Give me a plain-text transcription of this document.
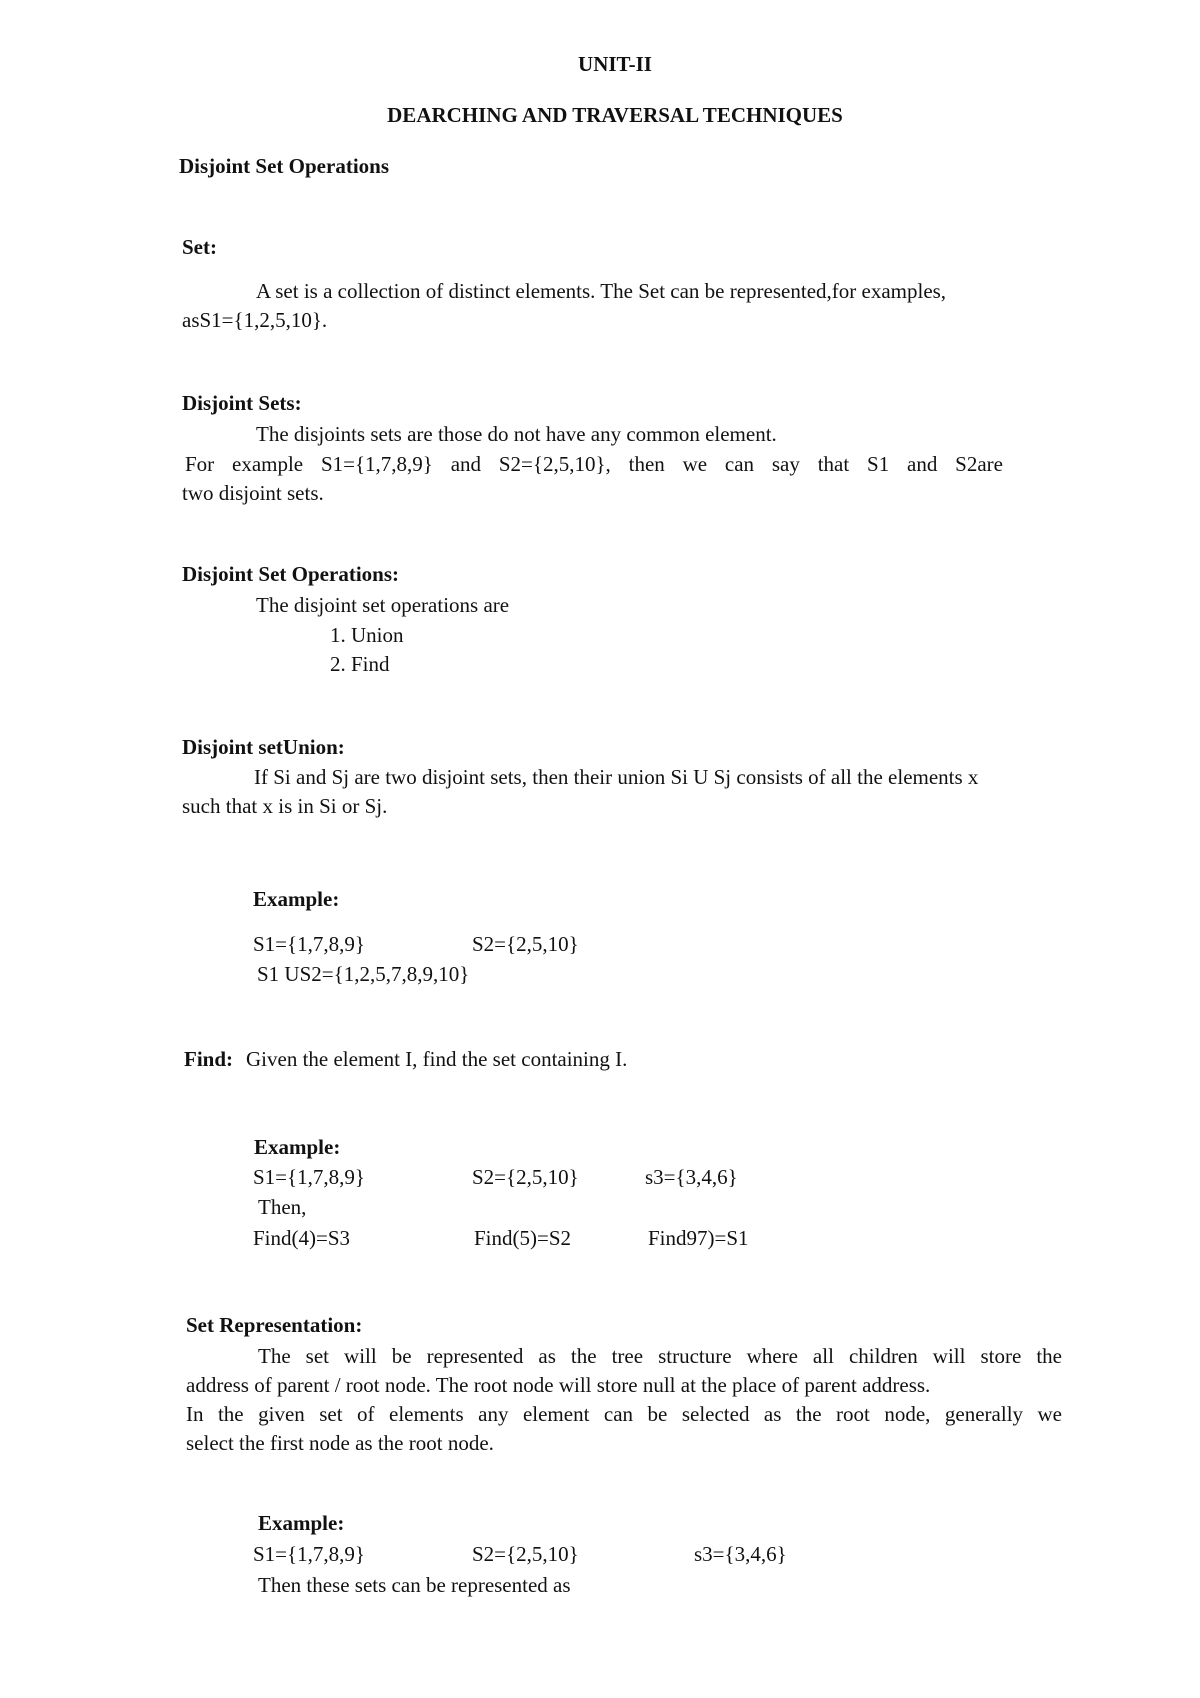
UNIT-II
DEARCHING AND TRAVERSAL TECHNIQUES
Disjoint Set Operations
Set:
A set is a collection of distinct elements. The Set can be represented,for examples,
asS1={1,2,5,10}.
Disjoint Sets:
The disjoints sets are those do not have any common element.
For example S1={1,7,8,9} and S2={2,5,10}, then we can say that S1 and S2are
two disjoint sets.
Disjoint Set Operations:
The disjoint set operations are
1. Union
2. Find
Disjoint setUnion:
If Si and Sj are two disjoint sets, then their union Si U Sj consists of all the elements x
such that x is in Si or Sj.
Example:
S1={1,7,8,9}	S2={2,5,10}
S1 US2={1,2,5,7,8,9,10}
Find: Given the element I, find the set containing I.
Example:
S1={1,7,8,9}	S2={2,5,10}	s3={3,4,6}
Then,
Find(4)=S3	Find(5)=S2	Find97)=S1
Set Representation:
The set will be represented as the tree structure where all children will store the
address of parent / root node. The root node will store null at the place of parent address.
In the given set of elements any element can be selected as the root node, generally we
select the first node as the root node.
Example:
S1={1,7,8,9}	S2={2,5,10}	s3={3,4,6}
Then these sets can be represented as
